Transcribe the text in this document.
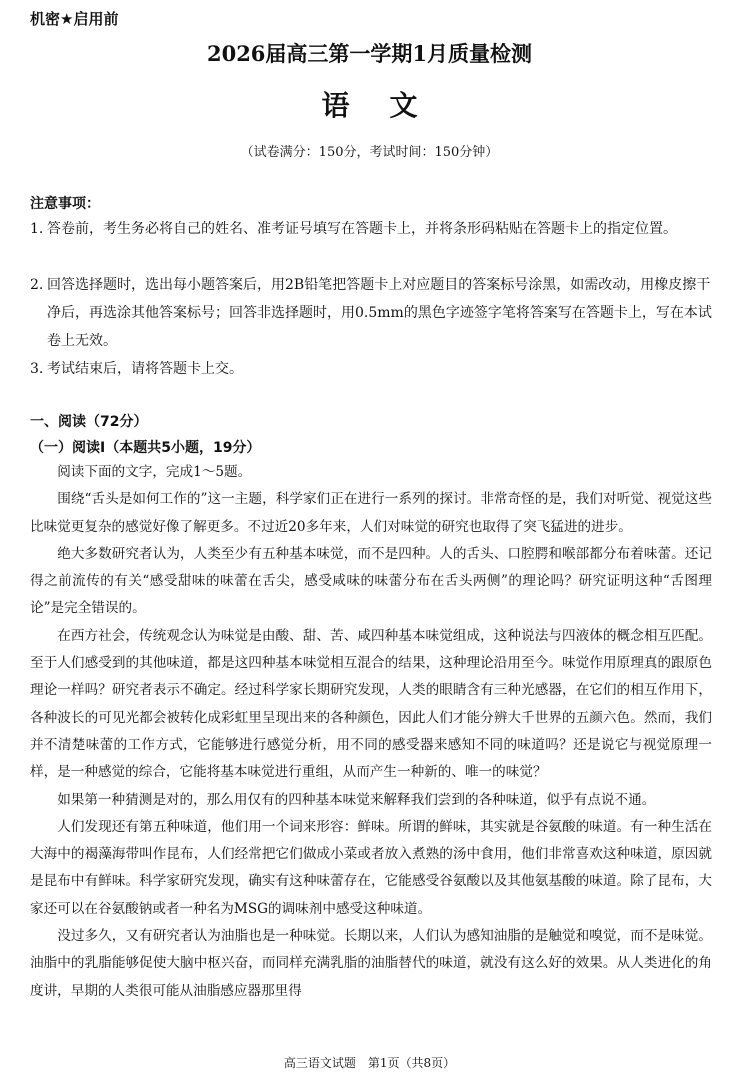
机密★启用前
2026届高三第一学期1月质量检测
语文
（试卷满分：150分，考试时间：150分钟）
注意事项：
1. 答卷前，考生务必将自己的姓名、准考证号填写在答题卡上，并将条形码粘贴在答题卡上的指定位置。
2. 回答选择题时，选出每小题答案后，用2B铅笔把答题卡上对应题目的答案标号涂黑，如需改动，用橡皮擦干净后，再选涂其他答案标号；回答非选择题时，用0.5mm的黑色字迹签字笔将答案写在答题卡上，写在本试卷上无效。
3. 考试结束后，请将答题卡上交。
一、阅读（72分）
（一）阅读Ⅰ（本题共5小题，19分）

阅读下面的文字，完成1～5题。

围绕“舌头是如何工作的”这一主题，科学家们正在进行一系列的探讨。非常奇怪的是，我们对听觉、视觉这些比味觉更复杂的感觉好像了解更多。不过近20多年来，人们对味觉的研究也取得了突飞猛进的进步。

绝大多数研究者认为，人类至少有五种基本味觉，而不是四种。人的舌头、口腔腭和喉部都分布着味蕾。还记得之前流传的有关“感受甜味的味蕾在舌尖，感受咸味的味蕾分布在舌头两侧”的理论吗？研究证明这种“舌图理论”是完全错误的。

在西方社会，传统观念认为味觉是由酸、甜、苦、咸四种基本味觉组成，这种说法与四液体的概念相互匹配。至于人们感受到的其他味道，都是这四种基本味觉相互混合的结果，这种理论沿用至今。味觉作用原理真的跟原色理论一样吗？研究者表示不确定。经过科学家长期研究发现，人类的眼睛含有三种光感器，在它们的相互作用下，各种波长的可见光都会被转化成彩虹里呈现出来的各种颜色，因此人们才能分辨大千世界的五颜六色。然而，我们并不清楚味蕾的工作方式，它能够进行感觉分析，用不同的感受器来感知不同的味道吗？还是说它与视觉原理一样，是一种感觉的综合，它能将基本味觉进行重组，从而产生一种新的、唯一的味觉？

如果第一种猜测是对的，那么用仅有的四种基本味觉来解释我们尝到的各种味道，似乎有点说不通。

人们发现还有第五种味道，他们用一个词来形容：鲜味。所谓的鲜味，其实就是谷氨酸的味道。有一种生活在大海中的褐藻海带叫作昆布，人们经常把它们做成小菜或者放入煮熟的汤中食用，他们非常喜欢这种味道，原因就是昆布中有鲜味。科学家研究发现，确实有这种味蕾存在，它能感受谷氨酸以及其他氨基酸的味道。除了昆布，大家还可以在谷氨酸钠或者一种名为MSG的调味剂中感受这种味道。

没过多久，又有研究者认为油脂也是一种味觉。长期以来，人们认为感知油脂的是触觉和嗅觉，而不是味觉。油脂中的乳脂能够促使大脑中枢兴奋，而同样充满乳脂的油脂替代的味道，就没有这么好的效果。从人类进化的角度讲，早期的人类很可能从油脂感应器那里得

高三语文试题　第1页（共8页）
